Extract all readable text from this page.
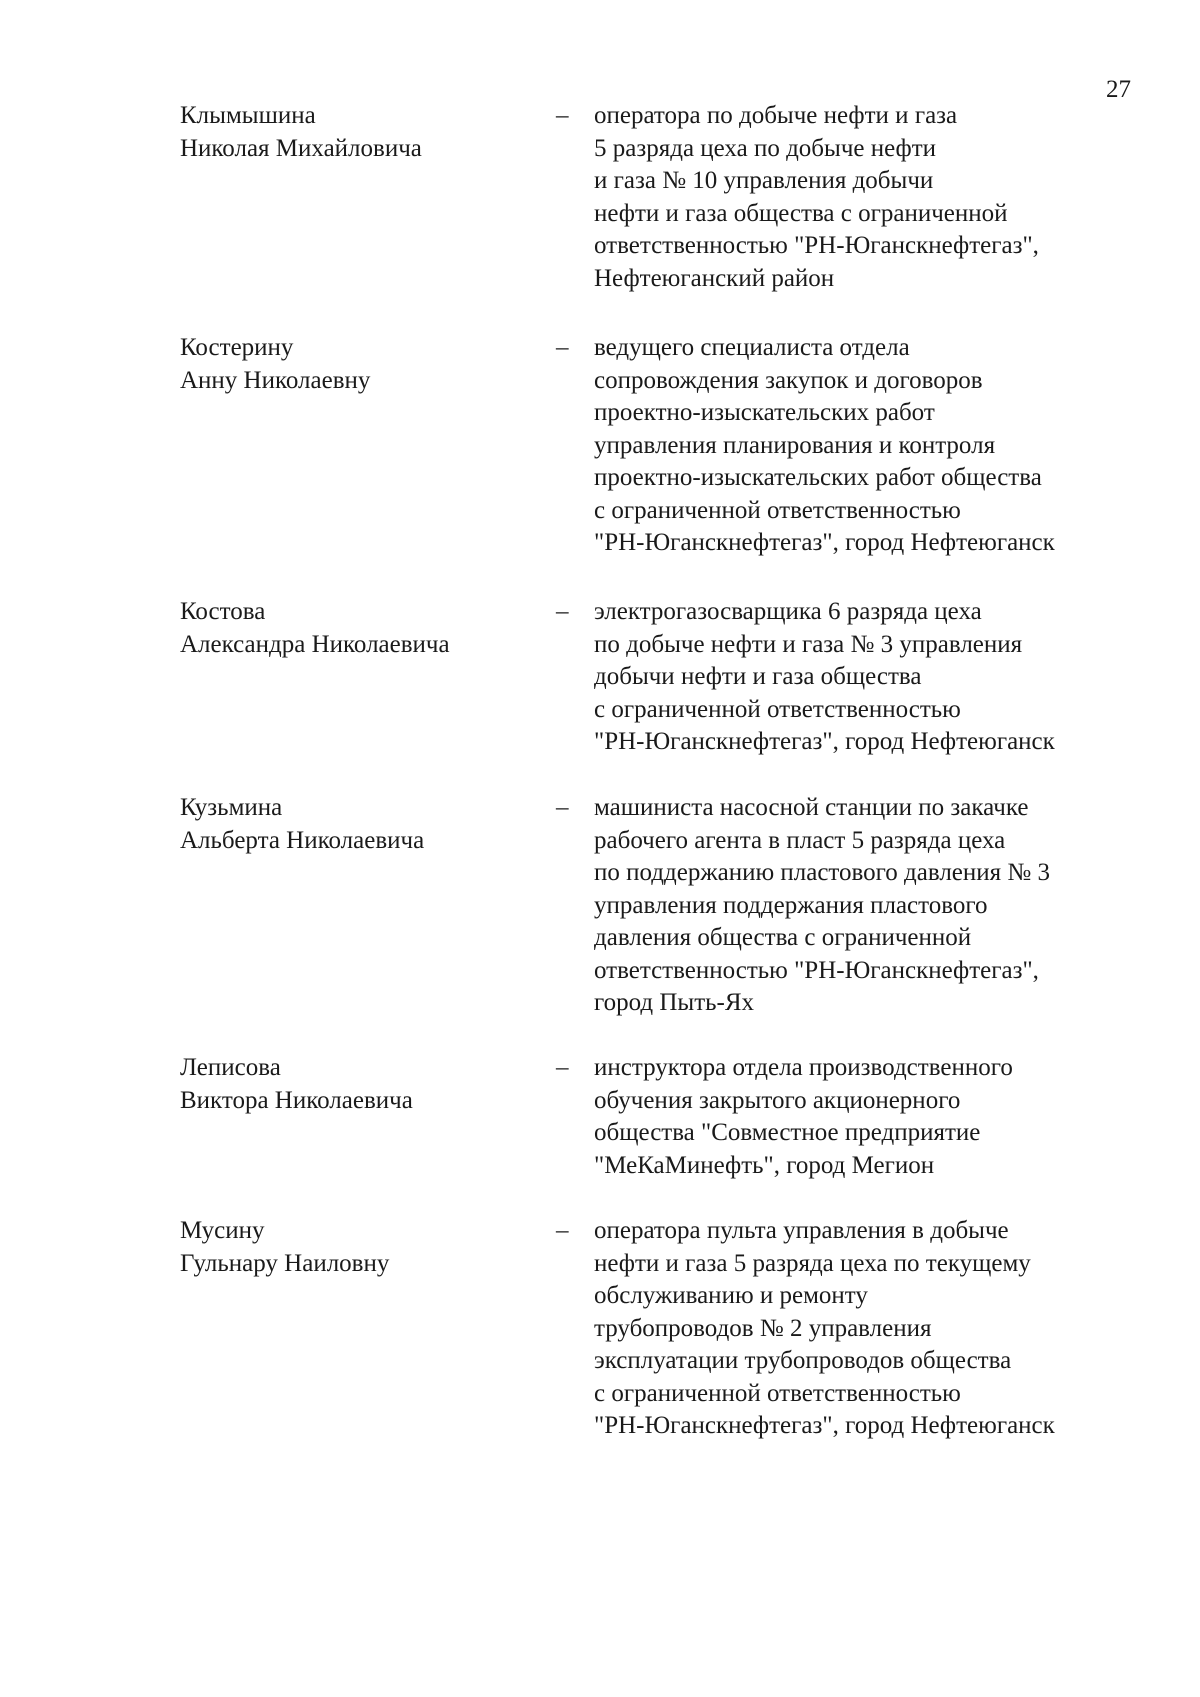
27
Клымышина
Николая Михайловича
– оператора по добыче нефти и газа
5 разряда цеха по добыче нефти
и газа № 10 управления добычи
нефти и газа общества с ограниченной
ответственностью "РН-Юганскнефтегаз",
Нефтеюганский район
Костерину
Анну Николаевну
– ведущего специалиста отдела
сопровождения закупок и договоров
проектно-изыскательских работ
управления планирования и контроля
проектно-изыскательских работ общества
с ограниченной ответственностью
"РН-Юганскнефтегаз", город Нефтеюганск
Костова
Александра Николаевича
– электрогазосварщика 6 разряда цеха
по добыче нефти и газа № 3 управления
добычи нефти и газа общества
с ограниченной ответственностью
"РН-Юганскнефтегаз", город Нефтеюганск
Кузьмина
Альберта Николаевича
– машиниста насосной станции по закачке
рабочего агента в пласт 5 разряда цеха
по поддержанию пластового давления № 3
управления поддержания пластового
давления общества с ограниченной
ответственностью "РН-Юганскнефтегаз",
город Пыть-Ях
Леписова
Виктора Николаевича
– инструктора отдела производственного
обучения закрытого акционерного
общества "Совместное предприятие
"МеКаМинефть", город Мегион
Мусину
Гульнару Наиловну
– оператора пульта управления в добыче
нефти и газа 5 разряда цеха по текущему
обслуживанию и ремонту
трубопроводов № 2 управления
эксплуатации трубопроводов общества
с ограниченной ответственностью
"РН-Юганскнефтегаз", город Нефтеюганск
